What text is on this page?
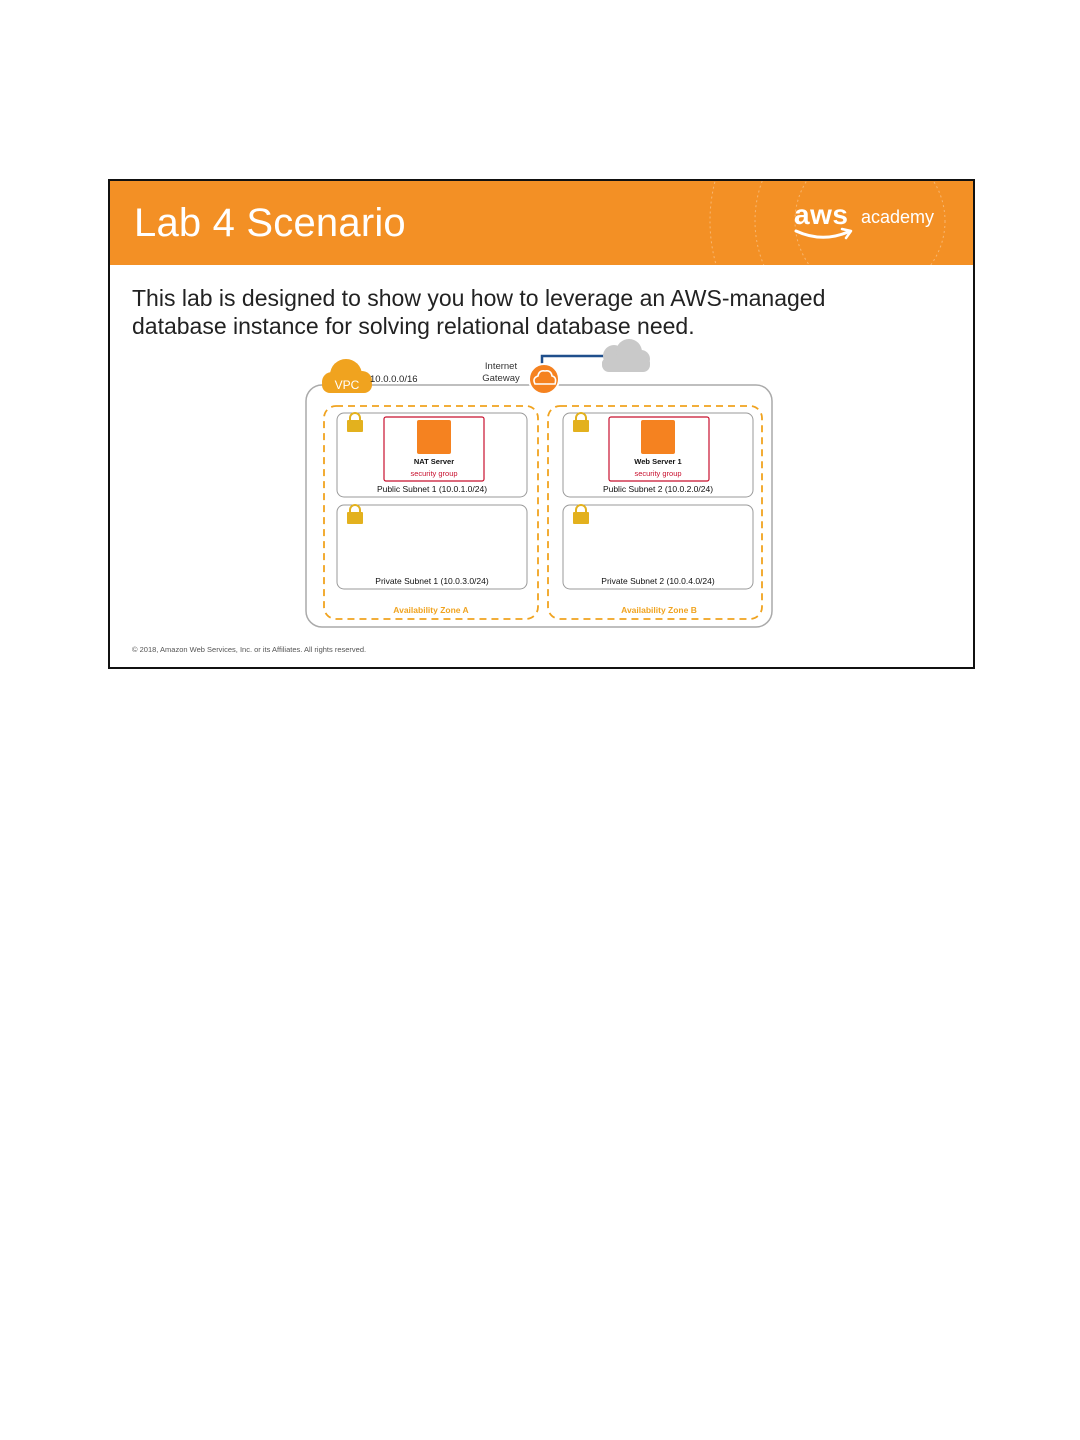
Lab 4 Scenario	aws academy
This lab is designed to show you how to leverage an AWS-managed
database instance for solving relational database need.
Internet
Gateway
VPC 10.0.0.0/16
Availability Zone A
NAT Server
security group
Public Subnet 1 (10.0.1.0/24)
Private Subnet 1 (10.0.3.0/24)
Availability Zone B
Web Server 1
security group
Public Subnet 2 (10.0.2.0/24)
Private Subnet 2 (10.0.4.0/24)
© 2018, Amazon Web Services, Inc. or its Affiliates. All rights reserved.
